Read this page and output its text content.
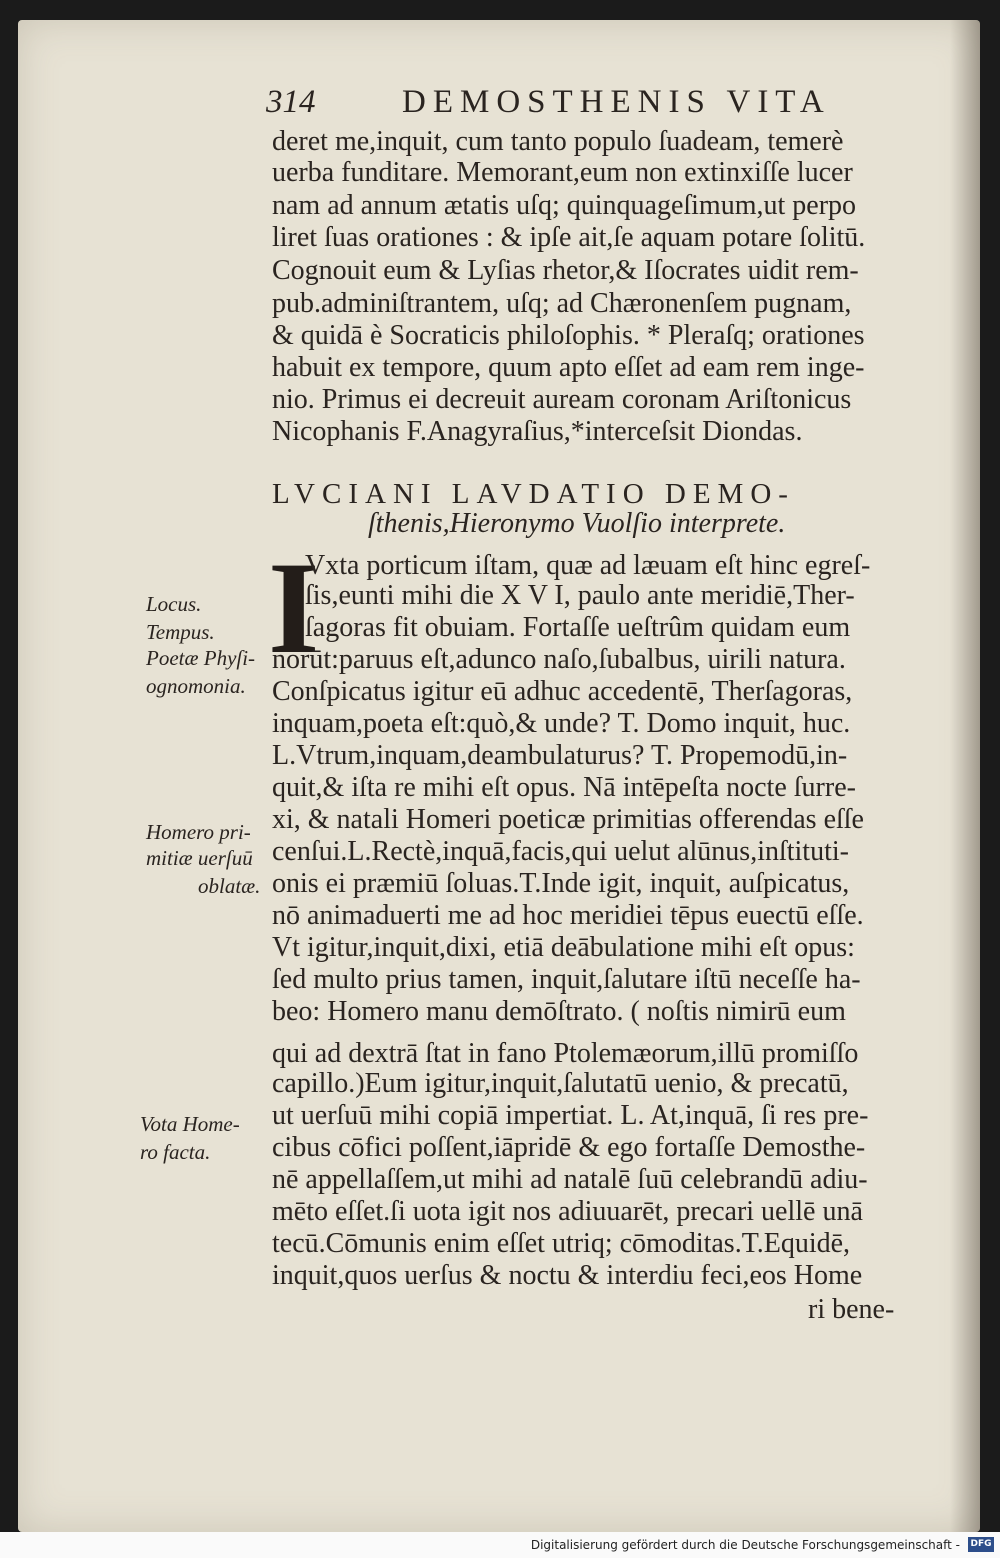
314	DEMOSTHENIS VITA
deret me,inquit, cum tanto populo ſuadeam, temerè
uerba funditare. Memorant,eum non extinxiſſe lucer
nam ad annum ætatis uſq; quinquageſimum,ut perpo
liret ſuas orationes : & ipſe ait,ſe aquam potare ſolitū.
Cognouit eum & Lyſias rhetor,& Iſocrates uidit rem-
pub.adminiſtrantem, uſq; ad Chæronenſem pugnam,
& quidā è Socraticis philoſophis. * Pleraſq; orationes
habuit ex tempore, quum apto eſſet ad eam rem inge-
nio. Primus ei decreuit auream coronam Ariſtonicus
Nicophanis F.Anagyraſius,*interceſsit Diondas.
LVCIANI LAVDATIO DEMO-
ſthenis,Hieronymo Vuolſio interprete.
I
Vxta porticum iſtam, quæ ad læuam eſt hinc egreſ-
ſis,eunti mihi die X V I, paulo ante meridiē,Ther-
ſagoras fit obuiam. Fortaſſe ueſtrûm quidam eum
norūt:paruus eſt,adunco naſo,ſubalbus, uirili natura.
Conſpicatus igitur eū adhuc accedentē, Therſagoras,
inquam,poeta eſt:quò,& unde? T. Domo inquit, huc.
L.Vtrum,inquam,deambulaturus? T. Propemodū,in-
quit,& iſta re mihi eſt opus. Nā intēpeſta nocte ſurre-
xi, & natali Homeri poeticæ primitias offerendas eſſe
cenſui.L.Rectè,inquā,facis,qui uelut alūnus,inſtituti-
onis ei præmiū ſoluas.T.Inde igit, inquit, auſpicatus,
nō animaduerti me ad hoc meridiei tēpus euectū eſſe.
Vt igitur,inquit,dixi, etiā deābulatione mihi eſt opus:
ſed multo prius tamen, inquit,ſalutare iſtū neceſſe ha-
beo: Homero manu demōſtrato. ( noſtis nimirū eum
qui ad dextrā ſtat in fano Ptolemæorum,illū promiſſo
capillo.)Eum igitur,inquit,ſalutatū uenio, & precatū,
ut uerſuū mihi copiā impertiat. L. At,inquā, ſi res pre-
cibus cōfici poſſent,iāpridē & ego fortaſſe Demosthe-
nē appellaſſem,ut mihi ad natalē ſuū celebrandū adiu-
mēto eſſet.ſi uota igit nos adiuuarēt, precari uellē unā
tecū.Cōmunis enim eſſet utriq; cōmoditas.T.Equidē,
inquit,quos uerſus & noctu & interdiu feci,eos Home
ri bene-
Locus.
Tempus.
Poetæ Phyſi-
ognomonia.
Homero pri-
mitiæ uerſuū
oblatæ.
Vota Home-
ro facta.
Digitalisierung gefördert durch die Deutsche Forschungsgemeinschaft - DFG
